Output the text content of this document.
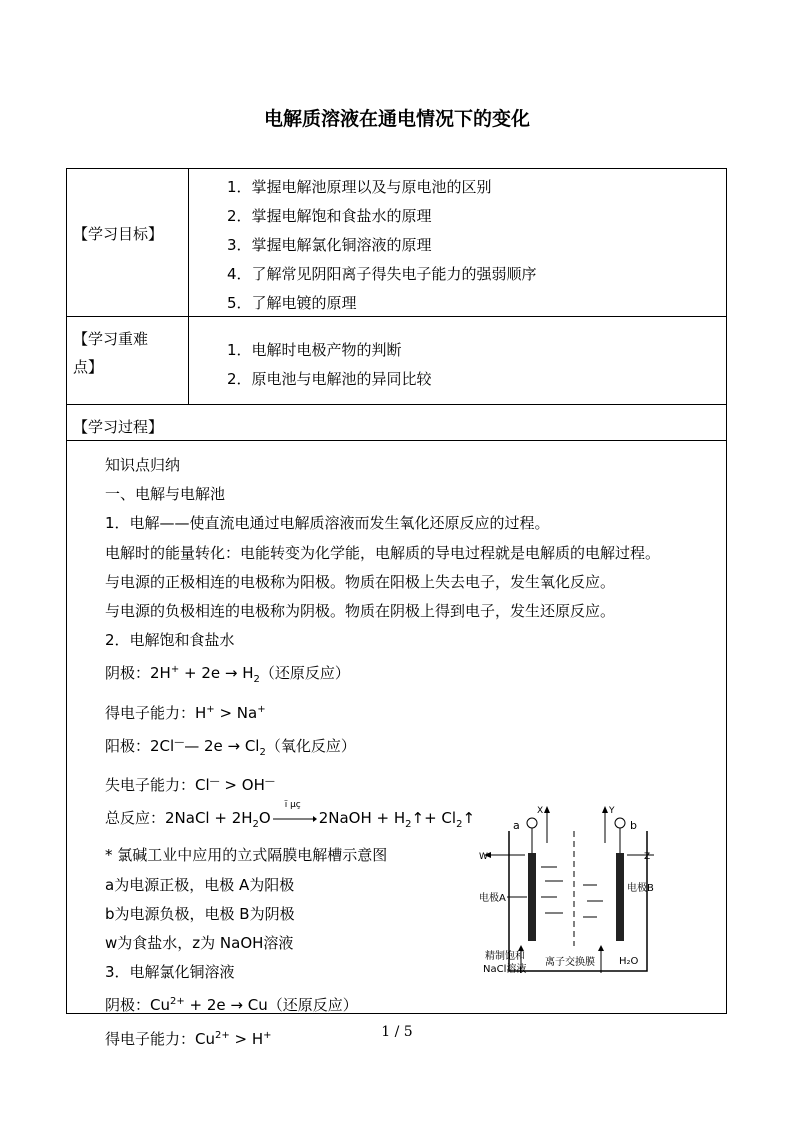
电解质溶液在通电情况下的变化
【学习目标】
1．掌握电解池原理以及与原电池的区别
2．掌握电解饱和食盐水的原理
3．掌握电解氯化铜溶液的原理
4．了解常见阴阳离子得失电子能力的强弱顺序
5．了解电镀的原理
【学习重难
点】
1．电解时电极产物的判断
2．原电池与电解池的异同比较
【学习过程】
知识点归纳
一、电解与电解池
1．电解——使直流电通过电解质溶液而发生氧化还原反应的过程。
电解时的能量转化：电能转变为化学能，电解质的导电过程就是电解质的电解过程。
与电源的正极相连的电极称为阳极。物质在阳极上失去电子，发生氧化反应。
与电源的负极相连的电极称为阴极。物质在阴极上得到电子，发生还原反应。
2．电解饱和食盐水
阴极：$2H^+ + 2e \to H_2$（还原反应）
得电子能力：H+ > Na+
阳极：2Cl—— $2e \to Cl_2$（氧化反应）
失电子能力：Cl— > OH—
总反应：2NaCl + $2H_2O$
ï µç
2NaOH + $H_2↑+$ $Cl_2↑$
* 氯碱工业中应用的立式隔膜电解槽示意图
a为电源正极，电极 A为阳极
b为电源负极，电极 B为阴极
w为食盐水，z为 NaOH溶液
3．电解氯化铜溶液
阴极：$Cu^{2+} + 2e \to Cu$（还原反应）
得电子能力：$Cu^{2+} > H^+$
a	b
X	Y
W	Z
电极A
电极B
精制饱和
NaCl溶液
离子交换膜 H₂O
1 / 5
